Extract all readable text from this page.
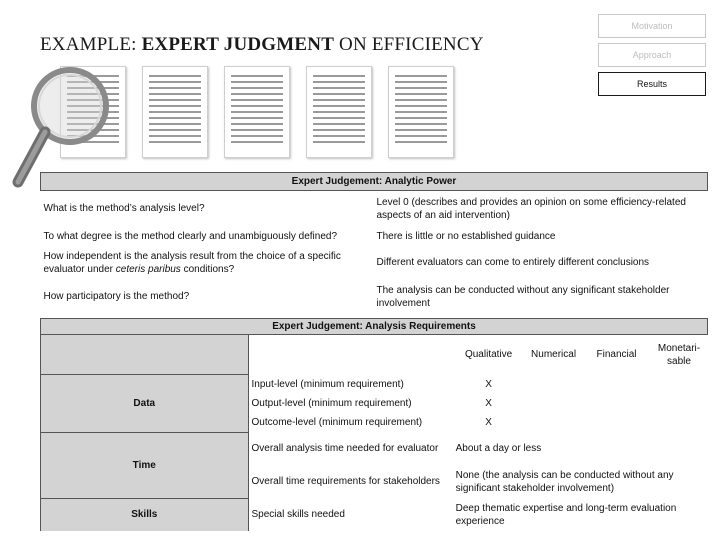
EXAMPLE: EXPERT JUDGMENT ON EFFICIENCY
Motivation
Approach
Results
Expert Judgement: Analytic Power	
What is the method’s analysis level?	Level 0 (describes and provides an opinion on some efficiency-related aspects of an aid intervention)
To what degree is the method clearly and unambiguously defined?	There is little or no established guidance
How independent is the analysis result from the choice of a specific evaluator under ceteris paribus conditions?	Different evaluators can come to entirely different conclusions
How participatory is the method?	The analysis can be conducted without any significant stakeholder involvement
Expert Judgement: Analysis Requirements					
		Qualitative	Numerical	Financial	Monetari-
sable
Data	Input-level (minimum requirement)	X			
	Output-level (minimum requirement)	X			
	Outcome-level (minimum requirement)	X			
Time	Overall analysis time needed for evaluator	About a day or less			
	Overall time requirements for stakeholders	None (the analysis can be conducted without any significant stakeholder involvement)			
Skills	Special skills needed	Deep thematic expertise and long-term evaluation experience			
